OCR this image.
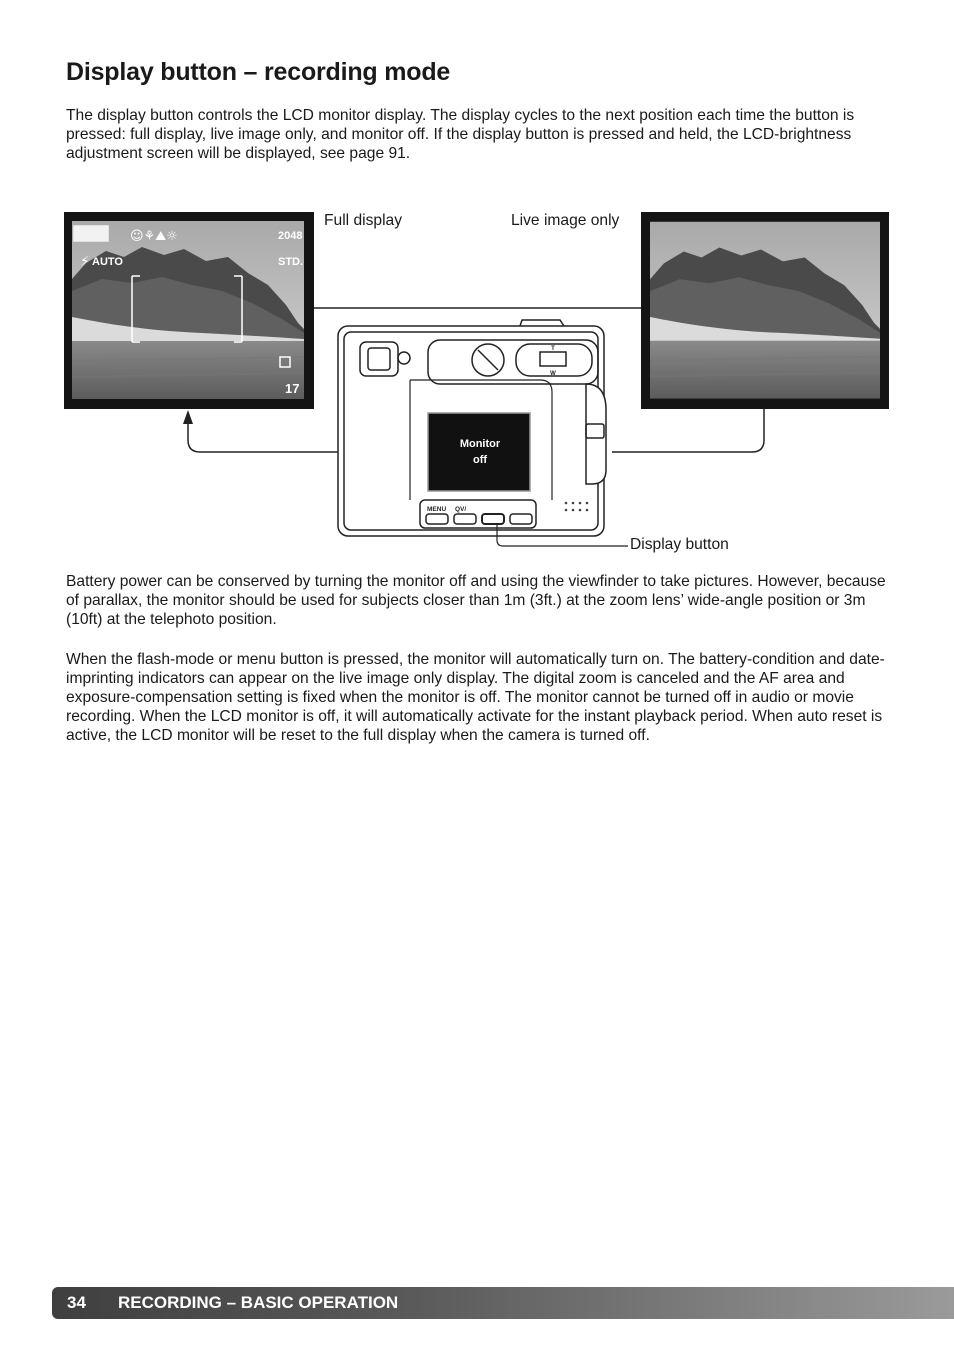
Display button – recording mode

The display button controls the LCD monitor display. The display cycles to the next position each time the button is pressed: full display, live image only, and monitor off. If the display button is pressed and held, the LCD-brightness adjustment screen will be displayed, see page 91.

2048
AUTO
⚡	STD.
☺⚘⛰☼
17
Monitor
off
MENU QV/
T
W

Full display	Live image only

Display button

Battery power can be conserved by turning the monitor off and using the viewfinder to take pictures. However, because of parallax, the monitor should be used for subjects closer than 1m (3ft.) at the zoom lens’ wide-angle position or 3m (10ft) at the telephoto position.

When the flash-mode or menu button is pressed, the monitor will automatically turn on. The battery-condition and date-imprinting indicators can appear on the live image only display. The digital zoom is canceled and the AF area and exposure-compensation setting is fixed when the monitor is off. The monitor cannot be turned off in audio or movie recording. When the LCD monitor is off, it will automatically activate for the instant playback period. When auto reset is active, the LCD monitor will be reset to the full display when the camera is turned off.

34 RECORDING – BASIC OPERATION
